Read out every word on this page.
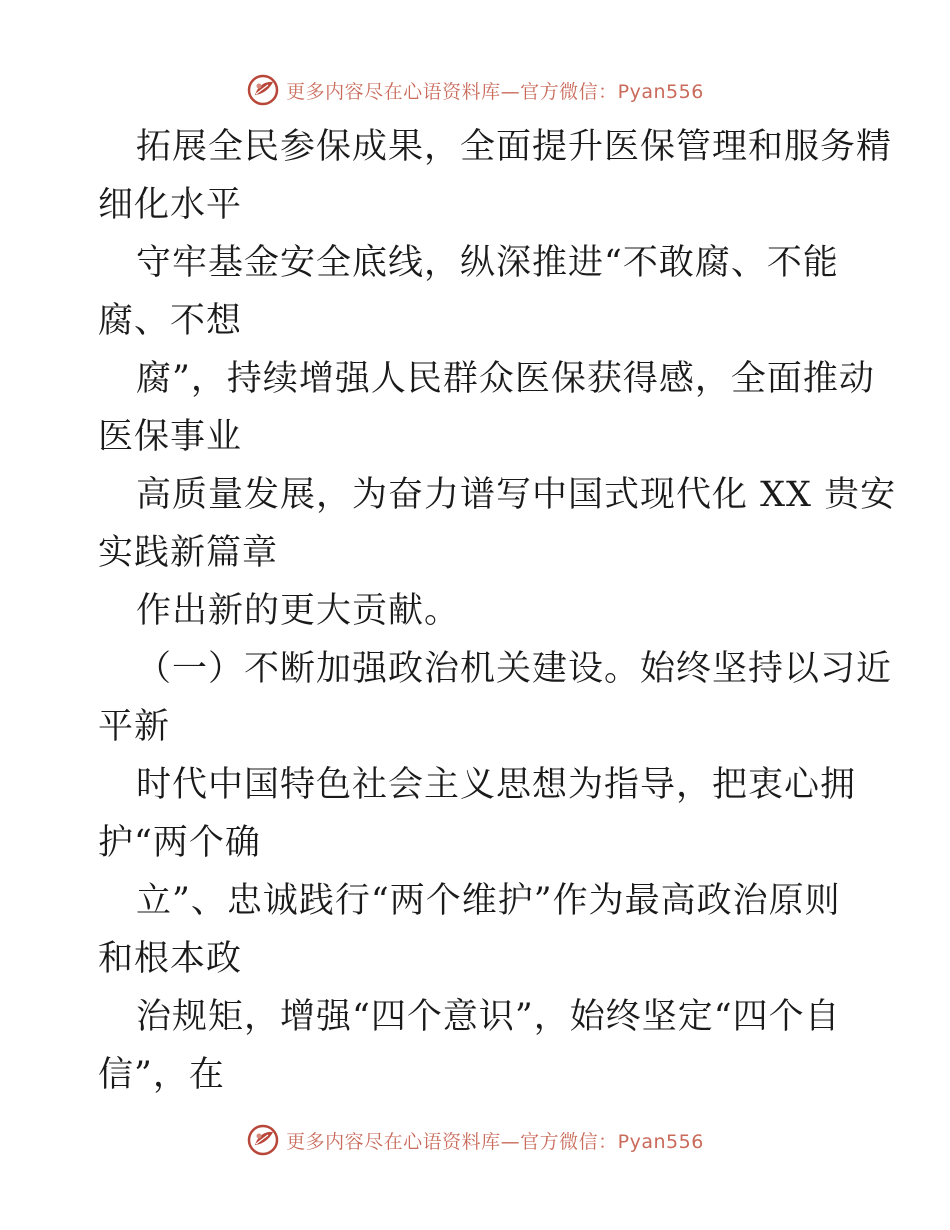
更多内容尽在心语资料库—官方微信：Pyan556
拓展全民参保成果，全面提升医保管理和服务精
细化水平
守牢基金安全底线，纵深推进“不敢腐、不能
腐、不想
腐”，持续增强人民群众医保获得感，全面推动
医保事业
高质量发展，为奋力谱写中国式现代化 XX 贵安
实践新篇章
作出新的更大贡献。
（一）不断加强政治机关建设。始终坚持以习近
平新
时代中国特色社会主义思想为指导，把衷心拥
护“两个确
立”、忠诚践行“两个维护”作为最高政治原则
和根本政
治规矩，增强“四个意识”，始终坚定“四个自
信”，在
更多内容尽在心语资料库—官方微信：Pyan556
